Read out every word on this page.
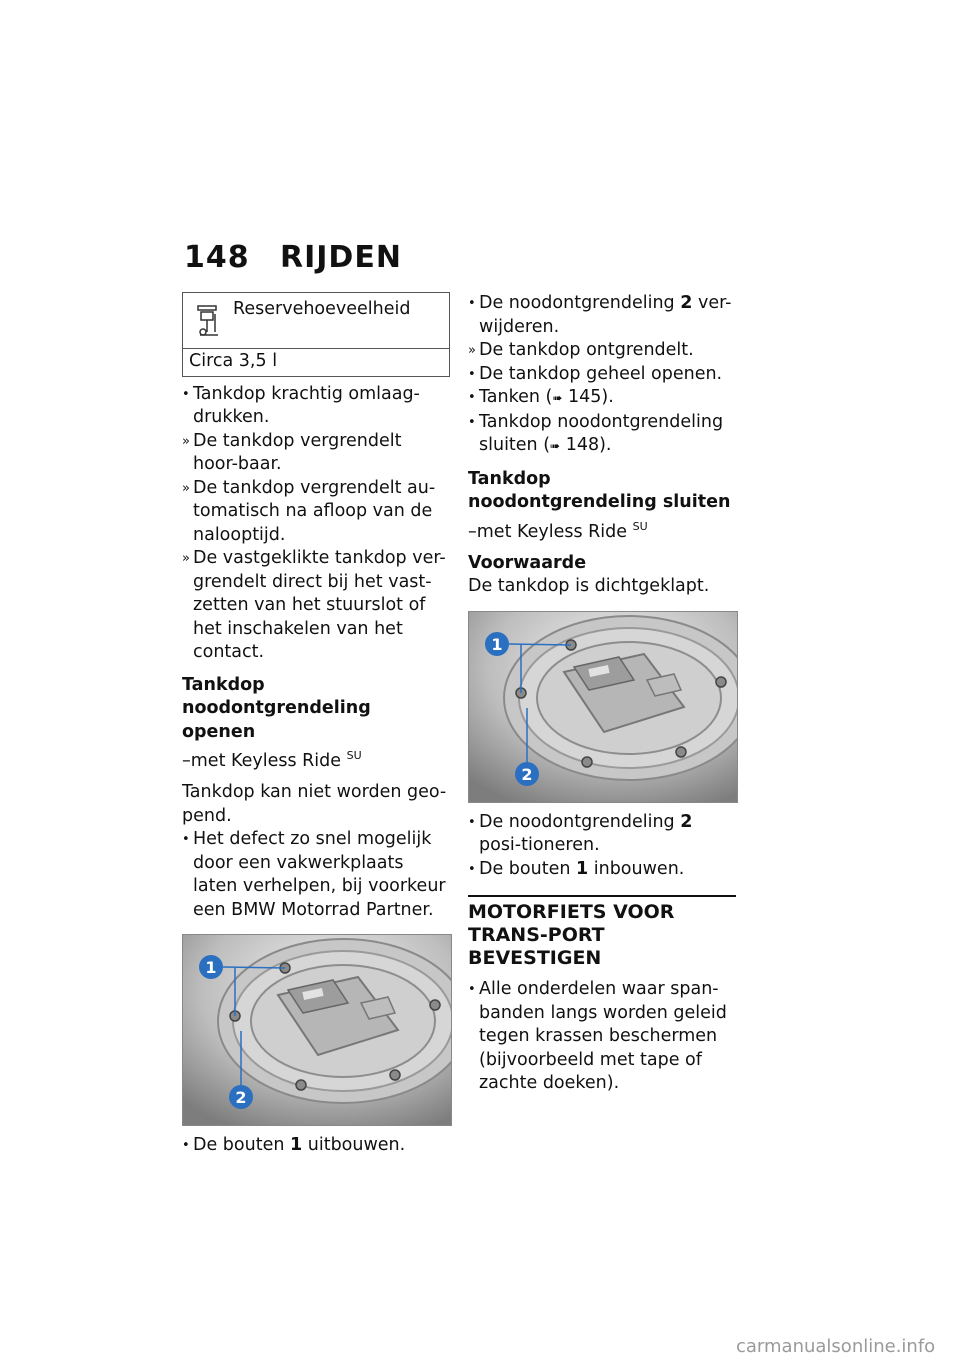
148 RIJDEN
Reservehoeveelheid
Circa 3,5 l
• Tankdop krachtig omlaag-drukken.
» De tankdop vergrendelt hoor-baar.
» De tankdop vergrendelt au-tomatisch na afloop van de nalooptijd.
» De vastgeklikte tankdop ver-grendelt direct bij het vast-zetten van het stuurslot of het inschakelen van het contact.
Tankdop noodontgrendeling openen
–met Keyless Ride $^{SU}$
Tankdop kan niet worden geo-pend.
• Het defect zo snel mogelijk door een vakwerkplaats laten verhelpen, bij voorkeur een BMW Motorrad Partner.
1
2
• De bouten 1 uitbouwen.
• De noodontgrendeling 2 ver-wijderen.
» De tankdop ontgrendelt.
• De tankdop geheel openen.
• Tanken (➠ 145).
• Tankdop noodontgrendeling sluiten (➠ 148).
Tankdop noodontgrendeling sluiten
–met Keyless Ride $^{SU}$
Voorwaarde
De tankdop is dichtgeklapt.
1
2
• De noodontgrendeling 2 posi-tioneren.
• De bouten 1 inbouwen.
MOTORFIETS VOOR TRANS-PORT BEVESTIGEN
• Alle onderdelen waar span-banden langs worden geleid tegen krassen beschermen (bijvoorbeeld met tape of zachte doeken).
carmanualsonline.info
